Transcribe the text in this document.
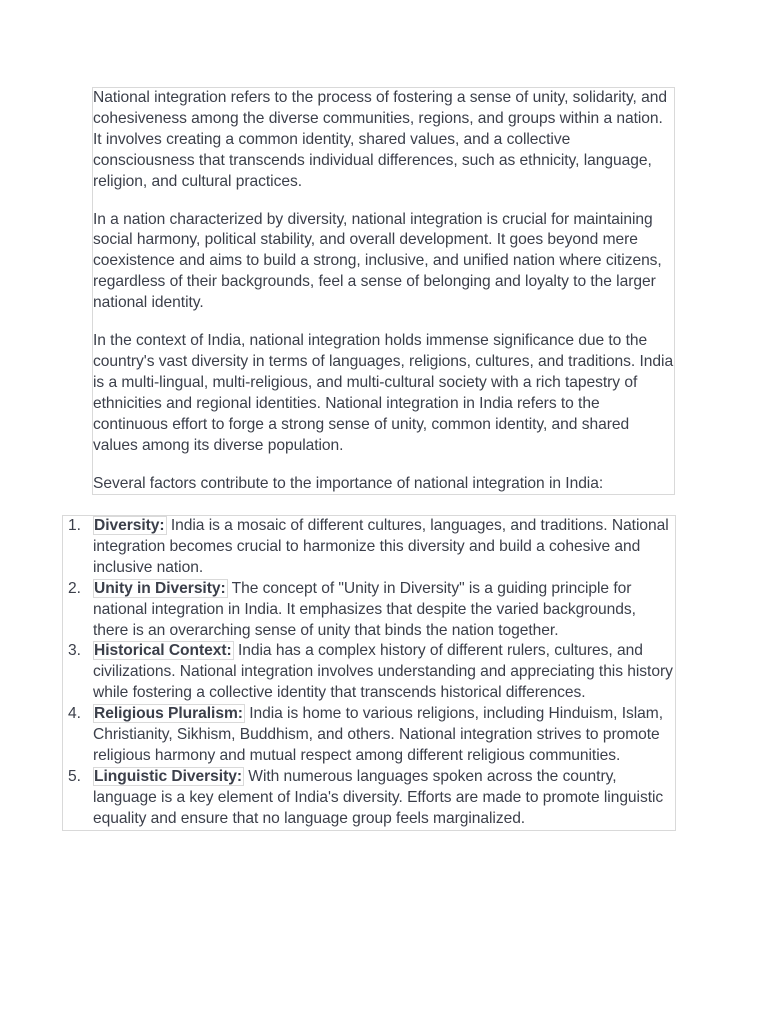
National integration refers to the process of fostering a sense of unity, solidarity, and cohesiveness among the diverse communities, regions, and groups within a nation. It involves creating a common identity, shared values, and a collective consciousness that transcends individual differences, such as ethnicity, language, religion, and cultural practices.

In a nation characterized by diversity, national integration is crucial for maintaining social harmony, political stability, and overall development. It goes beyond mere coexistence and aims to build a strong, inclusive, and unified nation where citizens, regardless of their backgrounds, feel a sense of belonging and loyalty to the larger national identity.

In the context of India, national integration holds immense significance due to the country's vast diversity in terms of languages, religions, cultures, and traditions. India is a multi-lingual, multi-religious, and multi-cultural society with a rich tapestry of ethnicities and regional identities. National integration in India refers to the continuous effort to forge a strong sense of unity, common identity, and shared values among its diverse population.

Several factors contribute to the importance of national integration in India:

1. Diversity: India is a mosaic of different cultures, languages, and traditions. National integration becomes crucial to harmonize this diversity and build a cohesive and inclusive nation.
2. Unity in Diversity: The concept of "Unity in Diversity" is a guiding principle for national integration in India. It emphasizes that despite the varied backgrounds, there is an overarching sense of unity that binds the nation together.
3. Historical Context: India has a complex history of different rulers, cultures, and civilizations. National integration involves understanding and appreciating this history while fostering a collective identity that transcends historical differences.
4. Religious Pluralism: India is home to various religions, including Hinduism, Islam, Christianity, Sikhism, Buddhism, and others. National integration strives to promote religious harmony and mutual respect among different religious communities.
5. Linguistic Diversity: With numerous languages spoken across the country, language is a key element of India's diversity. Efforts are made to promote linguistic equality and ensure that no language group feels marginalized.
